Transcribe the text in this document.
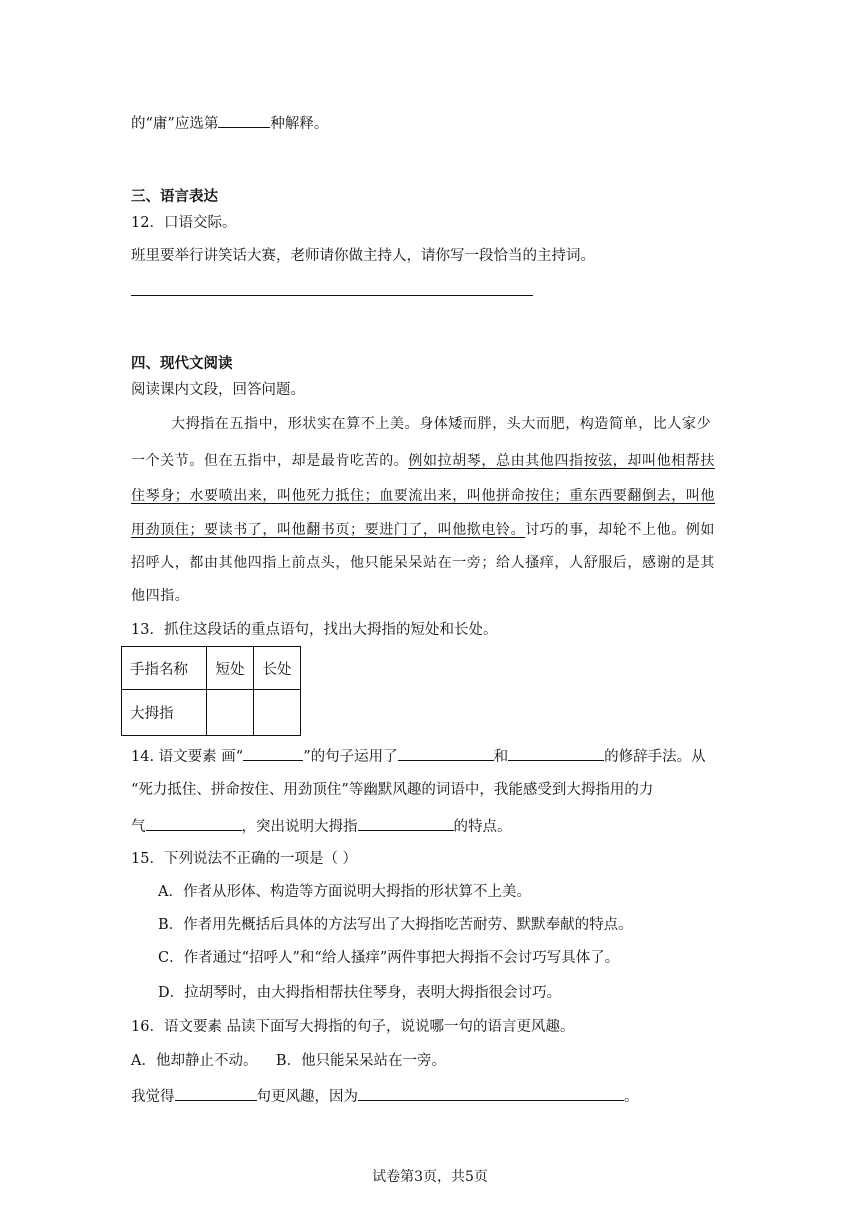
的“庸”应选第	种解释。
三、语言表达
12．口语交际。
班里要举行讲笑话大赛，老师请你做主持人，请你写一段恰当的主持词。
四、现代文阅读
阅读课内文段，回答问题。
大拇指在五指中，形状实在算不上美。身体矮而胖，头大而肥，构造简单，比人家少
一个关节。但在五指中，却是最肯吃苦的。例如拉胡琴，总由其他四指按弦，却叫他相帮扶
住琴身；水要喷出来，叫他死力抵住；血要流出来，叫他拼命按住；重东西要翻倒去，叫他
用劲顶住；要读书了，叫他翻书页；要进门了，叫他揿电铃。讨巧的事，却轮不上他。例如
招呼人，都由其他四指上前点头，他只能呆呆站在一旁；给人搔痒，人舒服后，感谢的是其
他四指。
13．抓住这段话的重点语句，找出大拇指的短处和长处。
手指名称	短处	长处
大拇指		
14. 语文要素 画“	”的句子运用了	和	的修辞手法。从
“死力抵住、拼命按住、用劲顶住”等幽默风趣的词语中，我能感受到大拇指用的力
气	，突出说明大拇指	的特点。
15．下列说法不正确的一项是（ ）
A．作者从形体、构造等方面说明大拇指的形状算不上美。
B．作者用先概括后具体的方法写出了大拇指吃苦耐劳、默默奉献的特点。
C．作者通过“招呼人”和“给人搔痒”两件事把大拇指不会讨巧写具体了。
D．拉胡琴时，由大拇指相帮扶住琴身，表明大拇指很会讨巧。
16．语文要素 品读下面写大拇指的句子，说说哪一句的语言更风趣。
A．他却静止不动。    B．他只能呆呆站在一旁。
我觉得	句更风趣，因为	。
试卷第3页，共5页
